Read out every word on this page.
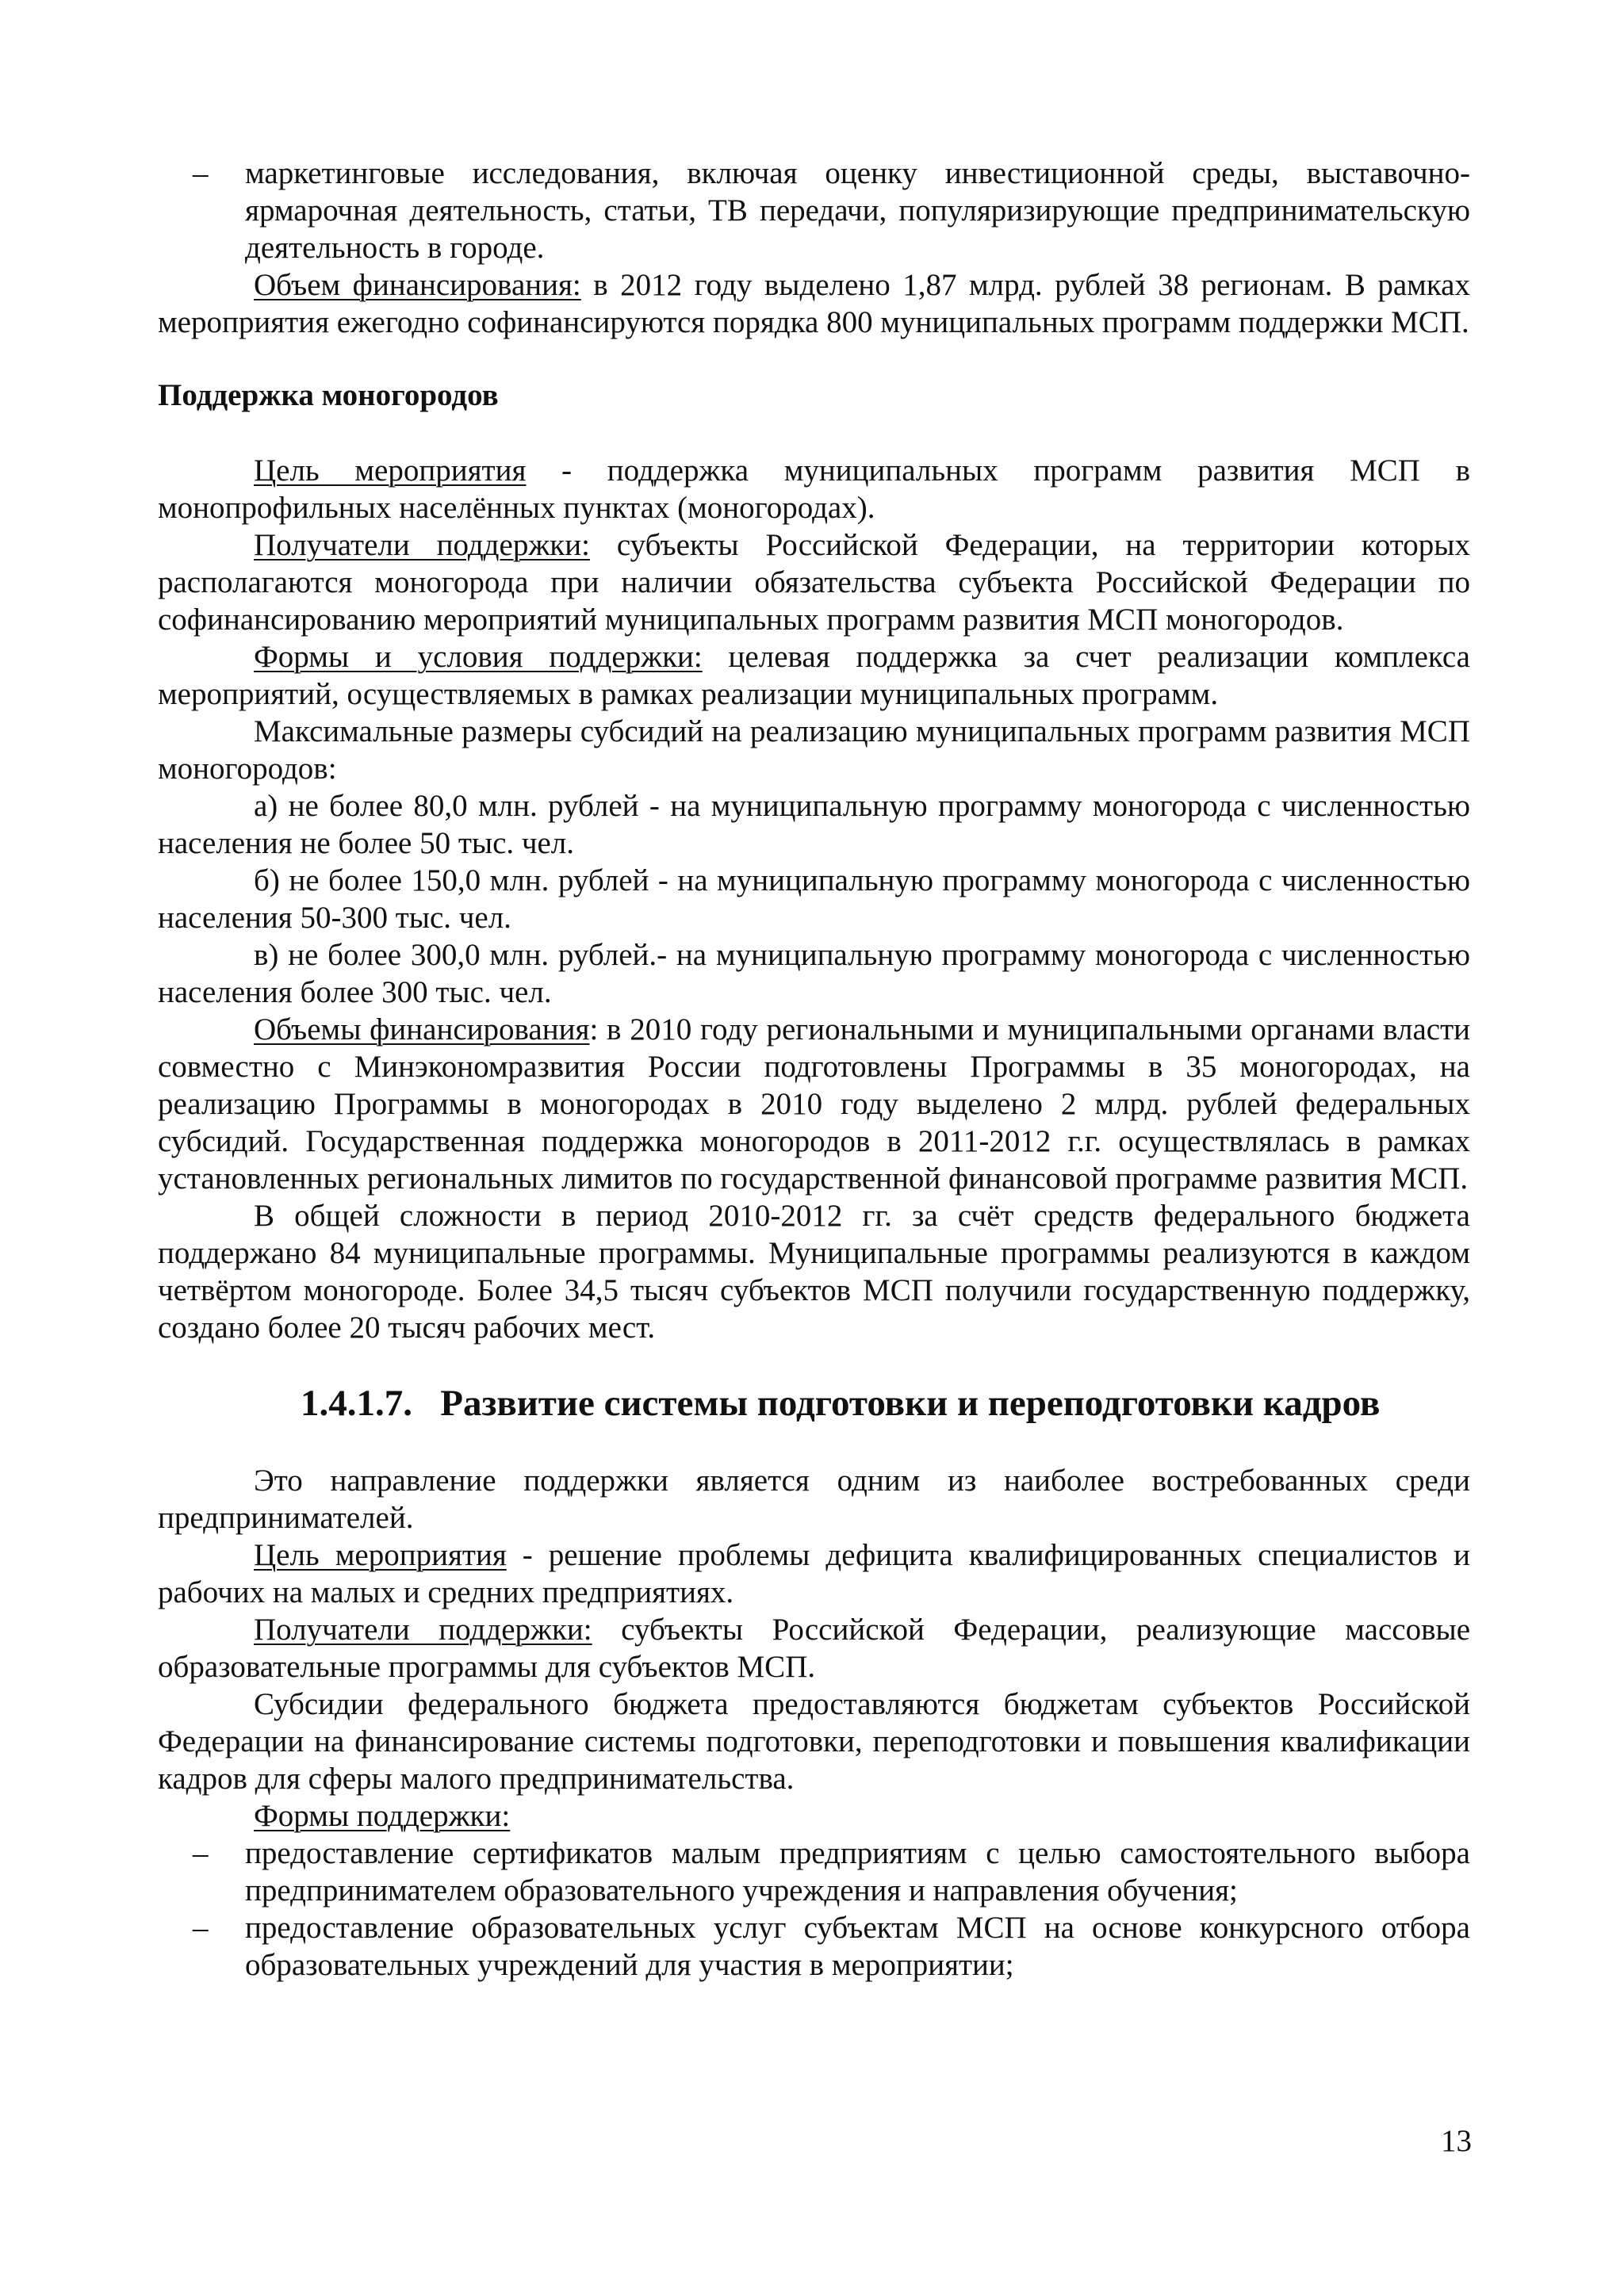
– маркетинговые исследования, включая оценку инвестиционной среды, выставочно-ярмарочная деятельность, статьи, ТВ передачи, популяризирующие предпринимательскую деятельность в городе.

Объем финансирования: в 2012 году выделено 1,87 млрд. рублей 38 регионам. В рамках мероприятия ежегодно софинансируются порядка 800 муниципальных программ поддержки МСП.

Поддержка моногородов

Цель мероприятия - поддержка муниципальных программ развития МСП в монопрофильных населённых пунктах (моногородах).

Получатели поддержки: субъекты Российской Федерации, на территории которых располагаются моногорода при наличии обязательства субъекта Российской Федерации по софинансированию мероприятий муниципальных программ развития МСП моногородов.

Формы и условия поддержки: целевая поддержка за счет реализации комплекса мероприятий, осуществляемых в рамках реализации муниципальных программ.

Максимальные размеры субсидий на реализацию муниципальных программ развития МСП моногородов:

а) не более 80,0 млн. рублей - на муниципальную программу моногорода с численностью населения не более 50 тыс. чел.

б) не более 150,0 млн. рублей - на муниципальную программу моногорода с численностью населения 50-300 тыс. чел.

в) не более 300,0 млн. рублей.- на муниципальную программу моногорода с численностью населения более 300 тыс. чел.

Объемы финансирования: в 2010 году региональными и муниципальными органами власти совместно с Минэкономразвития России подготовлены Программы в 35 моногородах, на реализацию Программы в моногородах в 2010 году выделено 2 млрд. рублей федеральных субсидий. Государственная поддержка моногородов в 2011-2012 г.г. осуществлялась в рамках установленных региональных лимитов по государственной финансовой программе развития МСП.

В общей сложности в период 2010-2012 гг. за счёт средств федерального бюджета поддержано 84 муниципальные программы. Муниципальные программы реализуются в каждом четвёртом моногороде. Более 34,5 тысяч субъектов МСП получили государственную поддержку, создано более 20 тысяч рабочих мест.

1.4.1.7. Развитие системы подготовки и переподготовки кадров

Это направление поддержки является одним из наиболее востребованных среди предпринимателей.

Цель мероприятия - решение проблемы дефицита квалифицированных специалистов и рабочих на малых и средних предприятиях.

Получатели поддержки: субъекты Российской Федерации, реализующие массовые образовательные программы для субъектов МСП.

Субсидии федерального бюджета предоставляются бюджетам субъектов Российской Федерации на финансирование системы подготовки, переподготовки и повышения квалификации кадров для сферы малого предпринимательства.

Формы поддержки:

– предоставление сертификатов малым предприятиям с целью самостоятельного выбора предпринимателем образовательного учреждения и направления обучения;

– предоставление образовательных услуг субъектам МСП на основе конкурсного отбора образовательных учреждений для участия в мероприятии;

13
